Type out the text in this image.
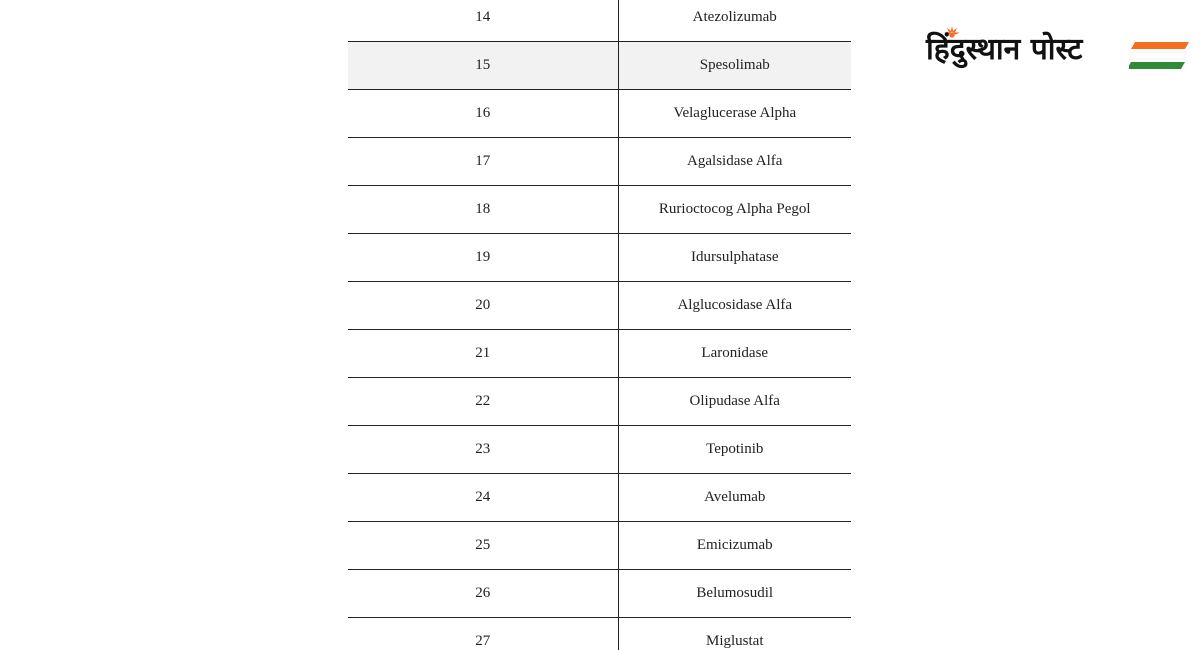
14	Atezolizumab
15	Spesolimab
16	Velaglucerase Alpha
17	Agalsidase Alfa
18	Rurioctocog Alpha Pegol
19	Idursulphatase
20	Alglucosidase Alfa
21	Laronidase
22	Olipudase Alfa
23	Tepotinib
24	Avelumab
25	Emicizumab
26	Belumosudil
27	Miglustat
हिंदुस्थान पोस्ट
